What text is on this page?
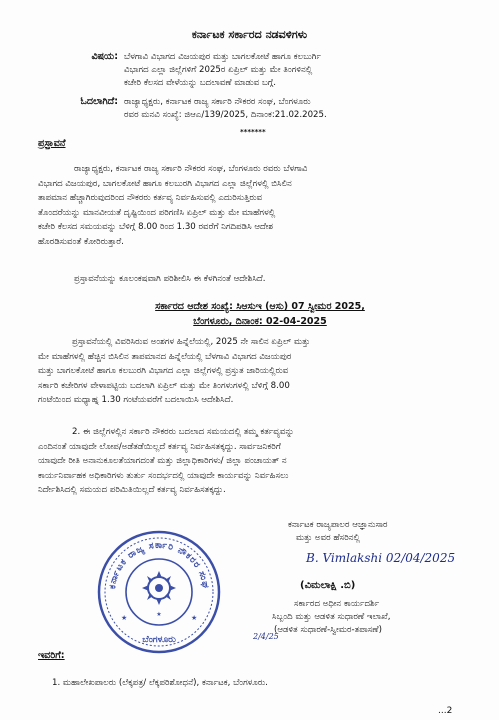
ಕರ್ನಾಟಕ ಸರ್ಕಾರದ ನಡವಳಿಗಳು
ವಿಷಯ: ಬೆಳಗಾವಿ ವಿಭಾಗದ ವಿಜಯಪುರ ಮತ್ತು ಬಾಗಲಕೋಟೆ ಹಾಗೂ ಕಲಬುರ್ಗಿ
ವಿಭಾಗದ ಎಲ್ಲಾ ಜಿಲ್ಲೆಗಳಿಗೆ 2025ರ ಏಪ್ರಿಲ್ ಮತ್ತು ಮೇ ತಿಂಗಳಿನಲ್ಲಿ
ಕಚೇರಿ ಕೆಲಸದ ವೇಳೆಯನ್ನು ಬದಲಾವಣೆ ಮಾಡುವ ಬಗ್ಗೆ.
ಓದಲಾಗಿದೆ: ರಾಜ್ಯಾಧ್ಯಕ್ಷರು, ಕರ್ನಾಟಕ ರಾಜ್ಯ ಸರ್ಕಾರಿ ನೌಕರರ ಸಂಘ, ಬೆಂಗಳೂರು
ರವರ ಮನವಿ ಸಂಖ್ಯೆ: ಜಿಆಎ/139/2025, ದಿನಾಂಕ:21.02.2025.
*******
ಪ್ರಸ್ತಾವನೆ
ರಾಜ್ಯಾಧ್ಯಕ್ಷರು, ಕರ್ನಾಟಕ ರಾಜ್ಯ ಸರ್ಕಾರಿ ನೌಕರರ ಸಂಘ, ಬೆಂಗಳೂರು ರವರು ಬೆಳಗಾವಿ
ವಿಭಾಗದ ವಿಜಯಪುರ, ಬಾಗಲಕೋಟೆ ಹಾಗೂ ಕಲಬುರಗಿ ವಿಭಾಗದ ಎಲ್ಲಾ ಜಿಲ್ಲೆಗಳಲ್ಲಿ ಬಿಸಿಲಿನ
ತಾಪಮಾನ ಹೆಚ್ಚಾಗಿರುವುದರಿಂದ ನೌಕರರು ಕರ್ತವ್ಯ ನಿರ್ವಹಿಸುವಲ್ಲಿ ಎದುರಿಸುತ್ತಿರುವ
ತೊಂದರೆಯನ್ನು ಮಾನವೀಯತೆ ದೃಷ್ಟಿಯಿಂದ ಪರಿಗಣಿಸಿ ಏಪ್ರಿಲ್ ಮತ್ತು ಮೇ ಮಾಹೆಗಳಲ್ಲಿ
ಕಚೇರಿ ಕೆಲಸದ ಸಮಯವನ್ನು ಬೆಳಿಗ್ಗೆ 8.00 ರಿಂದ 1.30 ರವರೆಗೆ ನಿಗದಿಪಡಿಸಿ ಆದೇಶ
ಹೊರಡಿಸುವಂತೆ ಕೋರಿರುತ್ತಾರೆ.
ಪ್ರಸ್ತಾವನೆಯನ್ನು ಕೂಲಂಕಷವಾಗಿ ಪರಿಶೀಲಿಸಿ ಈ ಕೆಳಗಿನಂತೆ ಆದೇಶಿಸಿದೆ.
ಸರ್ಕಾರದ ಆದೇಶ ಸಂಖ್ಯೆ: ಸಿಆಸುಇ (ಆಸು) 07 ಸ್ವೀಮರ 2025,
ಬೆಂಗಳೂರು, ದಿನಾಂಕ: 02-04-2025
ಪ್ರಸ್ತಾವನೆಯಲ್ಲಿ ವಿವರಿಸಿರುವ ಅಂಶಗಳ ಹಿನ್ನೆಲೆಯಲ್ಲಿ, 2025 ನೇ ಸಾಲಿನ ಏಪ್ರಿಲ್ ಮತ್ತು
ಮೇ ಮಾಹೆಗಳಲ್ಲಿ ಹೆಚ್ಚಿನ ಬಿಸಿಲಿನ ತಾಪಮಾನದ ಹಿನ್ನೆಲೆಯಲ್ಲಿ ಬೆಳಗಾವಿ ವಿಭಾಗದ ವಿಜಯಪುರ
ಮತ್ತು ಬಾಗಲಕೋಟೆ ಹಾಗೂ ಕಲಬುರಗಿ ವಿಭಾಗದ ಎಲ್ಲಾ ಜಿಲ್ಲೆಗಳಲ್ಲಿ ಪ್ರಸ್ತುತ ಜಾರಿಯಲ್ಲಿರುವ
ಸರ್ಕಾರಿ ಕಚೇರಿಗಳ ವೇಳಾಪಟ್ಟಿಯ ಬದಲಾಗಿ ಏಪ್ರಿಲ್ ಮತ್ತು ಮೇ ತಿಂಗಳುಗಳಲ್ಲಿ ಬೆಳಿಗ್ಗೆ 8.00
ಗಂಟೆಯಿಂದ ಮಧ್ಯಾಹ್ನ 1.30 ಗಂಟೆಯವರೆಗೆ ಬದಲಾಯಿಸಿ ಆದೇಶಿಸಿದೆ.
2. ಈ ಜಿಲ್ಲೆಗಳಲ್ಲಿನ ಸರ್ಕಾರಿ ನೌಕರರು ಬದಲಾದ ಸಮಯದಲ್ಲಿ ತಮ್ಮ ಕರ್ತವ್ಯವನ್ನು
ಎಂದಿನಂತೆ ಯಾವುದೇ ಲೋಪ/ಅಡೆತಡೆಯಿಲ್ಲದೆ ಕರ್ತವ್ಯ ನಿರ್ವಹಿಸತಕ್ಕದ್ದು. ಸಾರ್ವಜನಿಕರಿಗೆ
ಯಾವುದೇ ರೀತಿ ಅನಾನುಕೂಲತೆಯಾಗದಂತೆ ಮತ್ತು ಜಿಲ್ಲಾಧಿಕಾರಿಗಳು/ ಜಿಲ್ಲಾ ಪಂಚಾಯತ್ ನ
ಕಾರ್ಯನಿರ್ವಾಹಕ ಅಧಿಕಾರಿಗಳು ತುರ್ತು ಸಂದರ್ಭದಲ್ಲಿ ಯಾವುದೇ ಕಾರ್ಯವನ್ನು ನಿರ್ವಹಿಸಲು
ನಿರ್ದೇಶಿಸಿದಲ್ಲಿ ಸಮಯದ ಪರಿಮಿತಿಯಿಲ್ಲದೆ ಕರ್ತವ್ಯ ನಿರ್ವಹಿಸತಕ್ಕದ್ದು.
ಕರ್ನಾಟಕ ರಾಜ್ಯ ಸರ್ಕಾರಿ ನೌಕರರ ಸಂಘ
ಬೆಂಗಳೂರು
★
★	★
ಕರ್ನಾಟಕ ರಾಜ್ಯಪಾಲರ ಆಜ್ಞಾನುಸಾರ
ಮತ್ತು ಅವರ ಹೆಸರಿನಲ್ಲಿ
B. Vimlakshi 02/04/2025
(ವಿಮಲಾಕ್ಷಿ .ಬಿ)
ಸರ್ಕಾರದ ಅಧೀನ ಕಾರ್ಯದರ್ಶಿ
ಸಿಬ್ಬಂದಿ ಮತ್ತು ಆಡಳಿತ ಸುಧಾರಣೆ ಇಲಾಖೆ,
(ಆಡಳಿತ ಸುಧಾರಣೆ-ಸ್ವೀಮರ-ತಪಾಸಣೆ)
2/4/25
ಇವರಿಗೆ:
1. ಮಹಾಲೇಖಪಾಲರು (ಲೆಕ್ಕಪತ್ರ/ ಲೆಕ್ಕಪರಿಶೋಧನೆ), ಕರ್ನಾಟಕ, ಬೆಂಗಳೂರು.
...2
